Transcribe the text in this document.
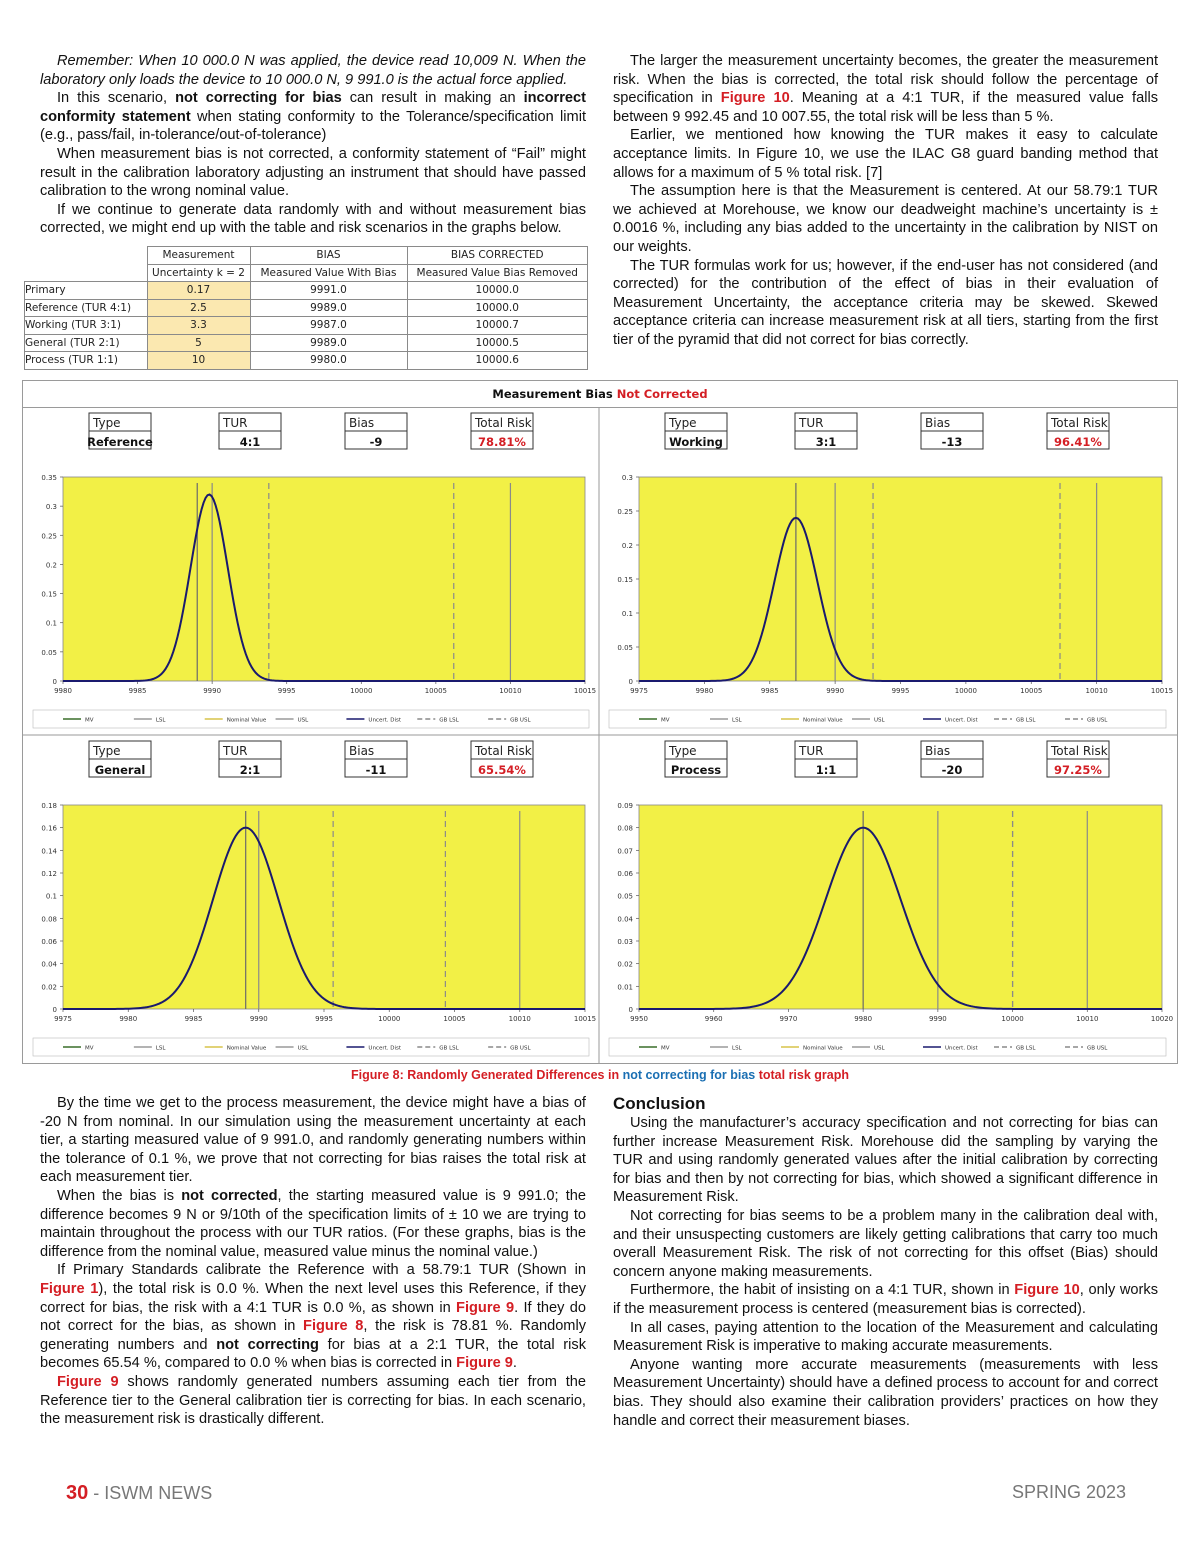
Remember: When 10 000.0 N was applied, the device read 10,009 N. When the laboratory only loads the device to 10 000.0 N, 9 991.0 is the actual force applied.

In this scenario, not correcting for bias can result in making an incorrect conformity statement when stating conformity to the Tolerance/specification limit (e.g., pass/fail, in-tolerance/out-of-tolerance)

When measurement bias is not corrected, a conformity statement of “Fail” might result in the calibration laboratory adjusting an instrument that should have passed calibration to the wrong nominal value.

If we continue to generate data randomly with and without measurement bias corrected, we might end up with the table and risk scenarios in the graphs below.

	Measurement	BIAS	BIAS CORRECTED
	Uncertainty k = 2	Measured Value With Bias	Measured Value Bias Removed
Primary	0.17	9991.0	10000.0
Reference (TUR 4:1)	2.5	9989.0	10000.0
Working (TUR 3:1)	3.3	9987.0	10000.7
General (TUR 2:1)	5	9989.0	10000.5
Process (TUR 1:1)	10	9980.0	10000.6

The larger the measurement uncertainty becomes, the greater the measurement risk. When the bias is corrected, the total risk should follow the percentage of specification in Figure 10. Meaning at a 4:1 TUR, if the measured value falls between 9 992.45 and 10 007.55, the total risk will be less than 5 %.

Earlier, we mentioned how knowing the TUR makes it easy to calculate acceptance limits. In Figure 10, we use the ILAC G8 guard banding method that allows for a maximum of 5 % total risk. [7]

The assumption here is that the Measurement is centered. At our 58.79:1 TUR we achieved at Morehouse, we know our deadweight machine’s uncertainty is ± 0.0016 %, including any bias added to the uncertainty in the calibration by NIST on our weights.

The TUR formulas work for us; however, if the end-user has not considered (and corrected) for the contribution of the effect of bias in their evaluation of Measurement Uncertainty, the acceptance criteria may be skewed. Skewed acceptance criteria can increase measurement risk at all tiers, starting from the first tier of the pyramid that did not correct for bias correctly.

Measurement Bias Not Corrected
Type
Reference
TUR
4:1
Bias
-9
Total Risk
78.81%
0
0.05
0.1
0.15
0.2
0.25
0.3
0.35
9980	9985	9990	9995	10000	10005	10010	10015
MV	LSL	Nominal Value	USL	Uncert. Dist	GB LSL	GB USL
Type
Working
TUR
3:1
Bias
-13
Total Risk
96.41%
0
0.05
0.1
0.15
0.2
0.25
0.3
9975	9980	9985	9990	9995	10000	10005	10010	10015
MV	LSL	Nominal Value	USL	Uncert. Dist	GB LSL	GB USL
Type
General
TUR
2:1
Bias
-11
Total Risk
65.54%
0
0.02
0.04
0.06
0.08
0.1
0.12
0.14
0.16
0.18
9975	9980	9985	9990	9995	10000	10005	10010	10015
MV	LSL	Nominal Value	USL	Uncert. Dist	GB LSL	GB USL
Type
Process
TUR
1:1
Bias
-20
Total Risk
97.25%
0
0.01
0.02
0.03
0.04
0.05
0.06
0.07
0.08
0.09
9950	9960	9970	9980	9990	10000	10010	10020
MV	LSL	Nominal Value	USL	Uncert. Dist	GB LSL	GB USL
Figure 8: Randomly Generated Differences in not correcting for bias total risk graph

By the time we get to the process measurement, the device might have a bias of -20 N from nominal. In our simulation using the measurement uncertainty at each tier, a starting measured value of 9 991.0, and randomly generating numbers within the tolerance of 0.1 %, we prove that not correcting for bias raises the total risk at each measurement tier.

When the bias is not corrected, the starting measured value is 9 991.0; the difference becomes 9 N or 9/10th of the specification limits of ± 10 we are trying to maintain throughout the process with our TUR ratios. (For these graphs, bias is the difference from the nominal value, measured value minus the nominal value.)

If Primary Standards calibrate the Reference with a 58.79:1 TUR (Shown in Figure 1), the total risk is 0.0 %. When the next level uses this Reference, if they correct for bias, the risk with a 4:1 TUR is 0.0 %, as shown in Figure 9. If they do not correct for the bias, as shown in Figure 8, the risk is 78.81 %. Randomly generating numbers and not correcting for bias at a 2:1 TUR, the total risk becomes 65.54 %, compared to 0.0 % when bias is corrected in Figure 9.

Figure 9 shows randomly generated numbers assuming each tier from the Reference tier to the General calibration tier is correcting for bias. In each scenario, the measurement risk is drastically different.

Conclusion

Using the manufacturer’s accuracy specification and not correcting for bias can further increase Measurement Risk. Morehouse did the sampling by varying the TUR and using randomly generated values after the initial calibration by correcting for bias and then by not correcting for bias, which showed a significant difference in Measurement Risk.

Not correcting for bias seems to be a problem many in the calibration deal with, and their unsuspecting customers are likely getting calibrations that carry too much overall Measurement Risk. The risk of not correcting for this offset (Bias) should concern anyone making measurements.

Furthermore, the habit of insisting on a 4:1 TUR, shown in Figure 10, only works if the measurement process is centered (measurement bias is corrected).

In all cases, paying attention to the location of the Measurement and calculating Measurement Risk is imperative to making accurate measurements.

Anyone wanting more accurate measurements (measurements with less Measurement Uncertainty) should have a defined process to account for and correct bias. They should also examine their calibration providers’ practices on how they handle and correct their measurement biases.

30 - ISWM NEWS	SPRING 2023
